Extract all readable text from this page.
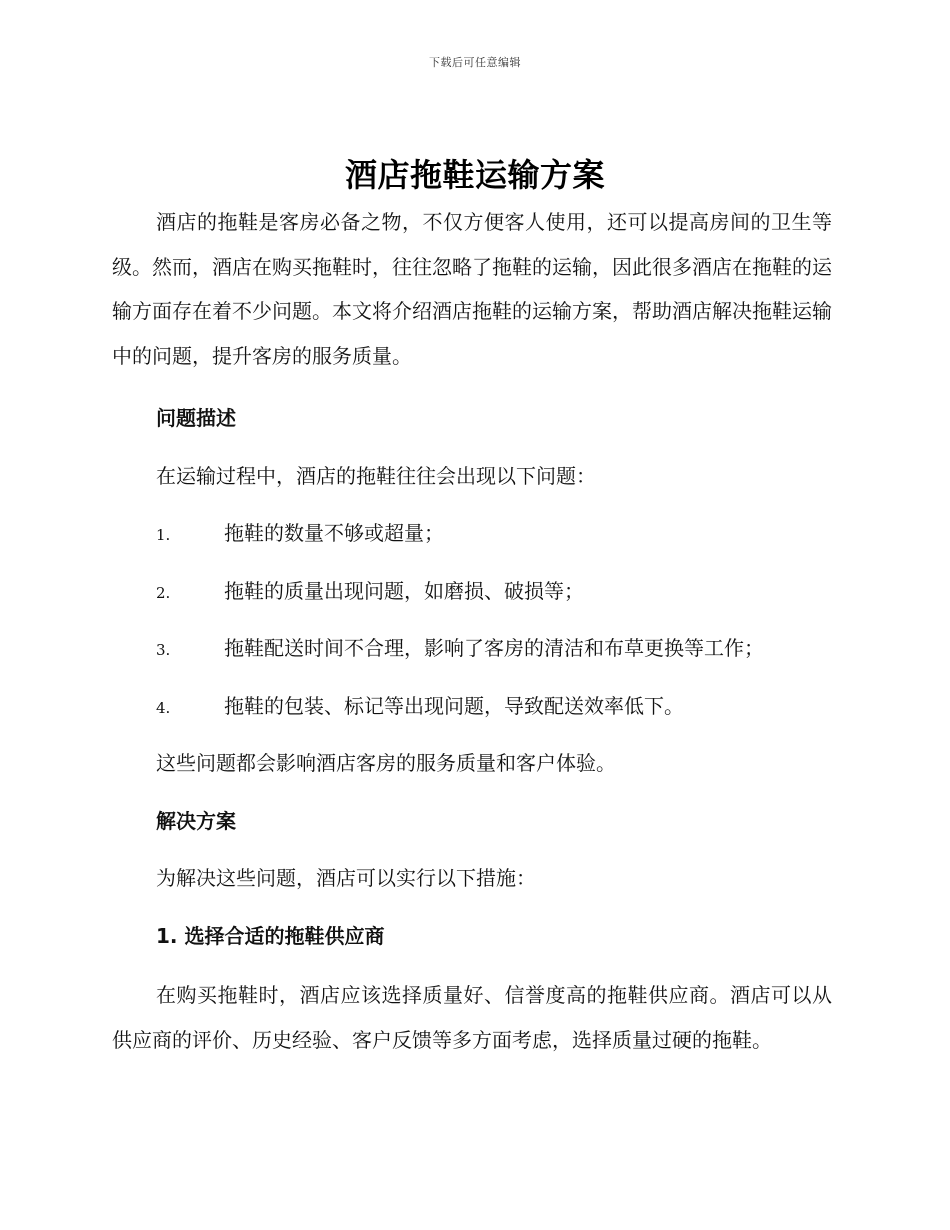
下载后可任意编辑
酒店拖鞋运输方案

酒店的拖鞋是客房必备之物，不仅方便客人使用，还可以提高房间的卫生等级。然而，酒店在购买拖鞋时，往往忽略了拖鞋的运输，因此很多酒店在拖鞋的运输方面存在着不少问题。本文将介绍酒店拖鞋的运输方案，帮助酒店解决拖鞋运输中的问题，提升客房的服务质量。

问题描述
在运输过程中，酒店的拖鞋往往会出现以下问题：
1.	拖鞋的数量不够或超量；
2.	拖鞋的质量出现问题，如磨损、破损等；
3.	拖鞋配送时间不合理，影响了客房的清洁和布草更换等工作；
4.	拖鞋的包装、标记等出现问题，导致配送效率低下。
这些问题都会影响酒店客房的服务质量和客户体验。
解决方案
为解决这些问题，酒店可以实行以下措施：
1. 选择合适的拖鞋供应商

在购买拖鞋时，酒店应该选择质量好、信誉度高的拖鞋供应商。酒店可以从供应商的评价、历史经验、客户反馈等多方面考虑，选择质量过硬的拖鞋。
